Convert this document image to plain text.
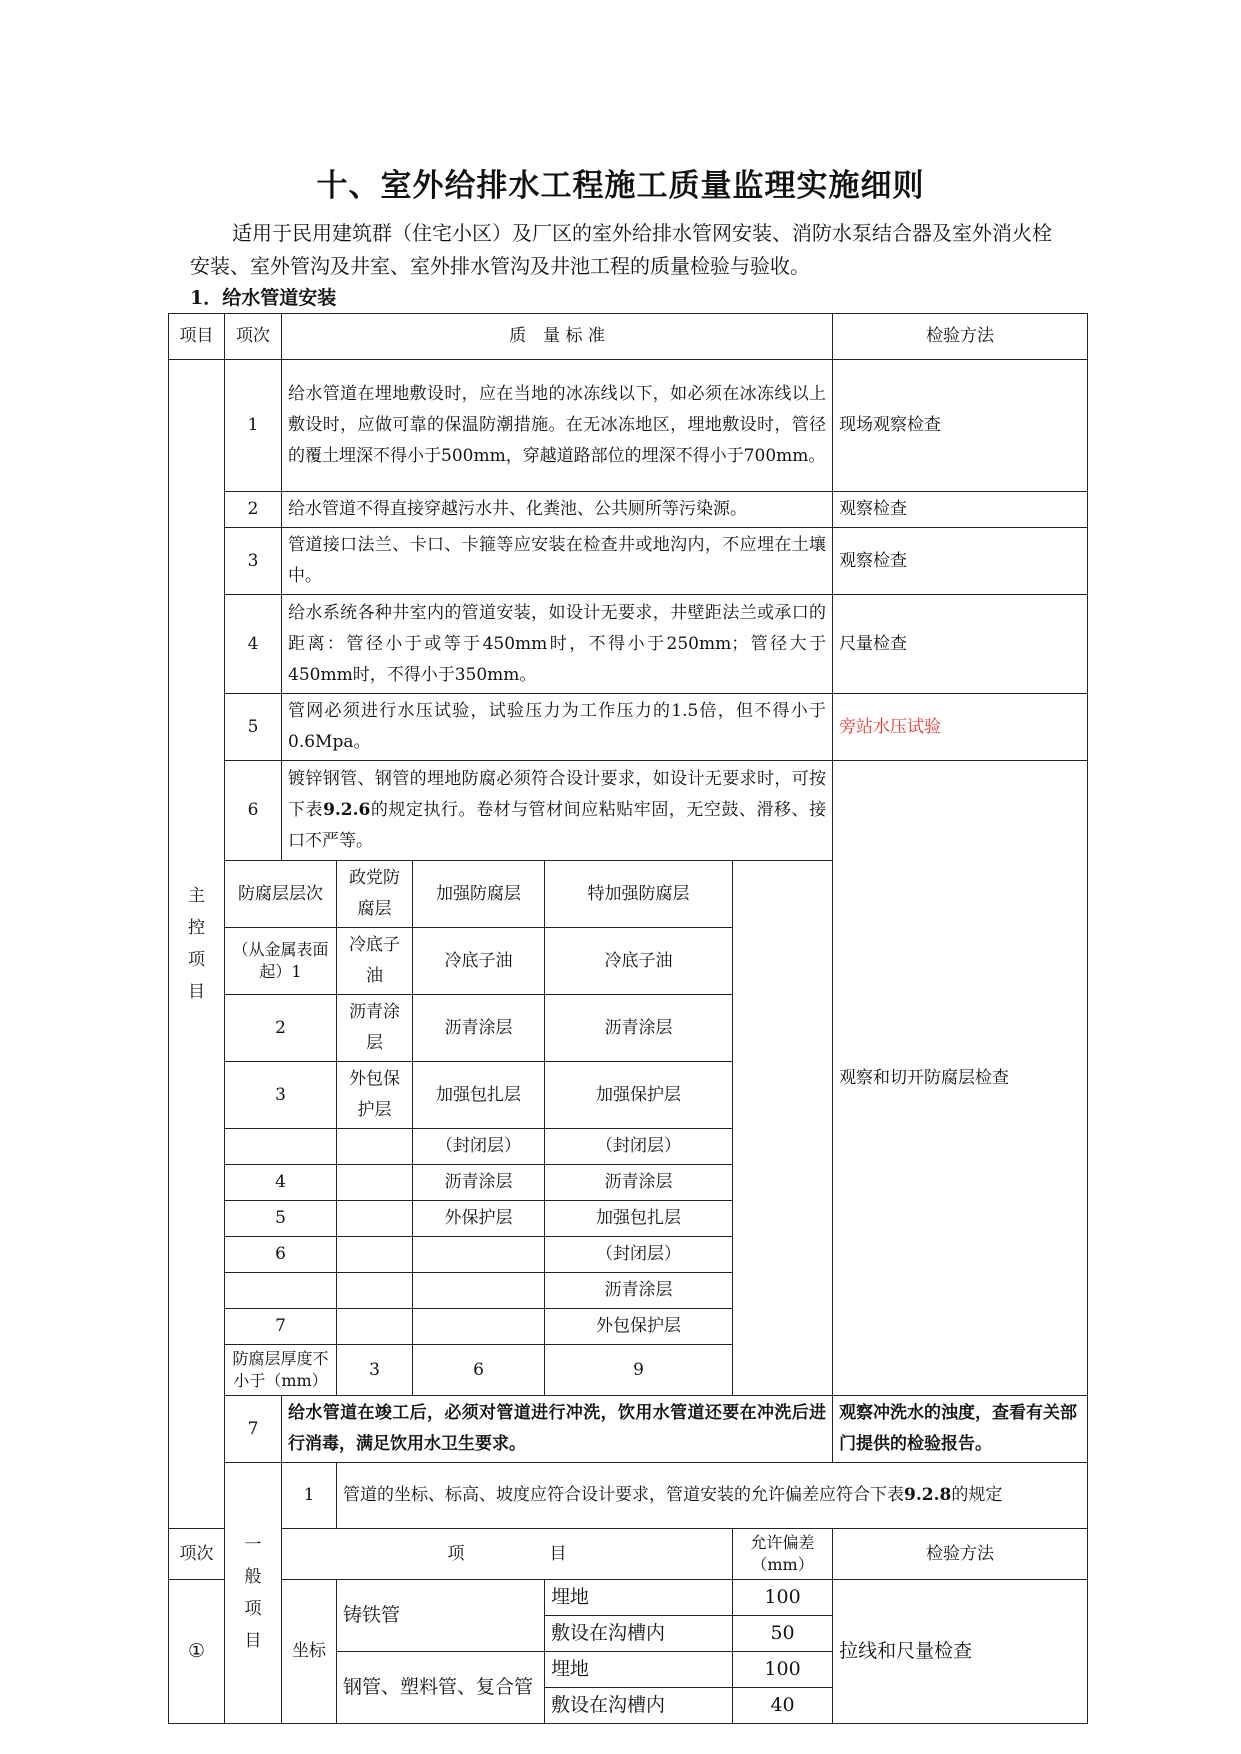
十、室外给排水工程施工质量监理实施细则

适用于民用建筑群（住宅小区）及厂区的室外给排水管网安装、消防水泵结合器及室外消火栓安装、室外管沟及井室、室外排水管沟及井池工程的质量检验与验收。

1．给水管道安装

项目	项次	质　量 标 准					检验方法	
主
控
项
目	1	给水管道在埋地敷设时，应在当地的冰冻线以下，如必须在冰冻线以上敷设时，应做可靠的保温防潮措施。在无冰冻地区，埋地敷设时，管径的覆土埋深不得小于500mm，穿越道路部位的埋深不得小于700mm。					现场观察检查	
	2	给水管道不得直接穿越污水井、化粪池、公共厕所等污染源。					观察检查	
	3	管道接口法兰、卡口、卡箍等应安装在检查井或地沟内，不应埋在土壤中。					观察检查	
	4	给水系统各种井室内的管道安装，如设计无要求，井壁距法兰或承口的距离：管径小于或等于450mm时，不得小于250mm；管径大于450mm时，不得小于350mm。					尺量检查	
	5	管网必须进行水压试验，试验压力为工作压力的1.5倍，但不得小于0.6Mpa。					旁站水压试验	
	6	镀锌钢管、钢管的埋地防腐必须符合设计要求，如设计无要求时，可按下表9.2.6的规定执行。卷材与管材间应粘贴牢固，无空鼓、滑移、接口不严等。					观察和切开防腐层检查	
	防腐层层次		政党防腐层	加强防腐层	特加强防腐层			
	（从金属表面起）1		冷底子油	冷底子油	冷底子油			
	2		沥青涂层	沥青涂层	沥青涂层			
	3		外包保护层	加强包扎层	加强保护层			
				（封闭层）	（封闭层）			
	4			沥青涂层	沥青涂层			
	5			外保护层	加强包扎层			
	6				（封闭层）			
					沥青涂层			
	7				外包保护层			
	防腐层厚度不小于（mm）		3	6	9			
	7	给水管道在竣工后，必须对管道进行冲洗，饮用水管道还要在冲洗后进行消毒，满足饮用水卫生要求。					观察冲洗水的浊度，查看有关部门提供的检验报告。	
	一
般
项
目	1	管道的坐标、标高、坡度应符合设计要求，管道安装的允许偏差应符合下表9.2.8的规定					
项次		项　　　　　目				允许偏差（mm）	检验方法	
①		坐标	铸铁管		埋地	100	拉线和尺量检查	
					敷设在沟槽内	50		
			钢管、塑料管、复合管		埋地	100		
					敷设在沟槽内	40		
